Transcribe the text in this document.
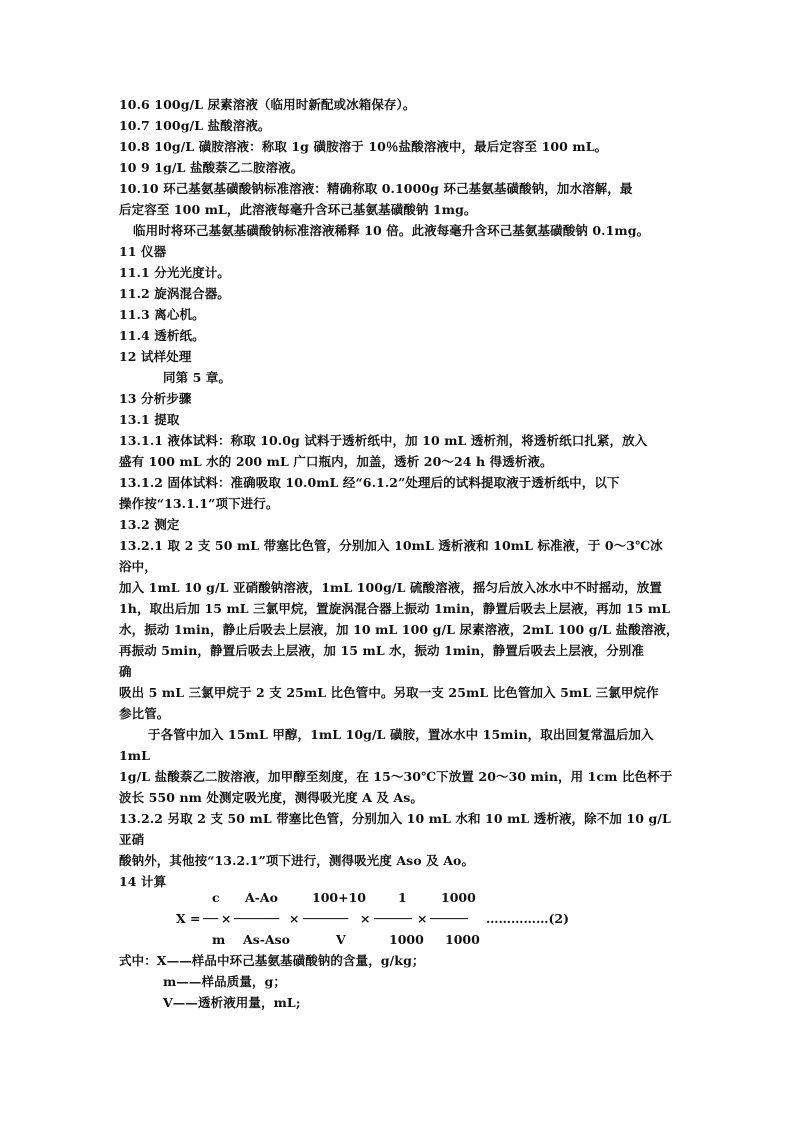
10.6 100g/L 尿素溶液（临用时新配或冰箱保存）。
10.7 100g/L 盐酸溶液。
10.8 10g/L 磺胺溶液：称取 1g 磺胺溶于 10％盐酸溶液中，最后定容至 100 mL。
10 9 1g/L 盐酸萘乙二胺溶液。
10.10 环己基氨基磺酸钠标准溶液：精确称取 0.1000g 环己基氨基磺酸钠，加水溶解，最
后定容至 100 mL，此溶液每毫升含环己基氨基磺酸钠 1mg。
临用时将环己基氨基磺酸钠标准溶液稀释 10 倍。此液每毫升含环己基氨基磺酸钠 0.1mg。
11 仪器
11.1 分光光度计。
11.2 旋涡混合器。
11.3 离心机。
11.4 透析纸。
12 试样处理
同第 5 章。
13 分析步骤
13.1 提取
13.1.1 液体试料：称取 10.0g 试料于透析纸中，加 10 mL 透析剂，将透析纸口扎紧，放入
盛有 100 mL 水的 200 mL 广口瓶内，加盖，透析 20～24 h 得透析液。
13.1.2 固体试料：准确吸取 10.0mL 经“6.1.2”处理后的试料提取液于透析纸中，以下
操作按“13.1.1”项下进行。
13.2 测定
13.2.1 取 2 支 50 mL 带塞比色管，分别加入 10mL 透析液和 10mL 标准液，于 0～3℃冰
浴中，
加入 1mL 10 g/L 亚硝酸钠溶液，1mL 100g/L 硫酸溶液，摇匀后放入冰水中不时摇动，放置
1h，取出后加 15 mL 三氯甲烷，置旋涡混合器上振动 1min，静置后吸去上层液，再加 15 mL
水，振动 1min，静止后吸去上层液，加 10 mL 100 g/L 尿素溶液，2mL 100 g/L 盐酸溶液，
再振动 5min，静置后吸去上层液，加 15 mL 水，振动 1min，静置后吸去上层液，分别准
确
吸出 5 mL 三氯甲烷于 2 支 25mL 比色管中。另取一支 25mL 比色管加入 5mL 三氯甲烷作
参比管。
于各管中加入 15mL 甲醇，1mL 10g/L 磺胺，置冰水中 15min，取出回复常温后加入
1mL
1g/L 盐酸萘乙二胺溶液，加甲醇至刻度，在 15～30℃下放置 20～30 min，用 1cm 比色杯于
波长 550 nm 处测定吸光度，测得吸光度 A 及 As。
13.2.2 另取 2 支 50 mL 带塞比色管，分别加入 10 mL 水和 10 mL 透析液，除不加 10 g/L
亚硝
酸钠外，其他按“13.2.1”项下进行，测得吸光度 Aso 及 Ao。
14 计算
c A-Ao	100+10	1	1000
X = ── × ────── × ────── × ───── × ───── ……………(2)
m As-Aso	V	1000 1000
式中：X——样品中环己基氨基磺酸钠的含量，g/kg；
m——样品质量，g；
V——透析液用量，mL;
